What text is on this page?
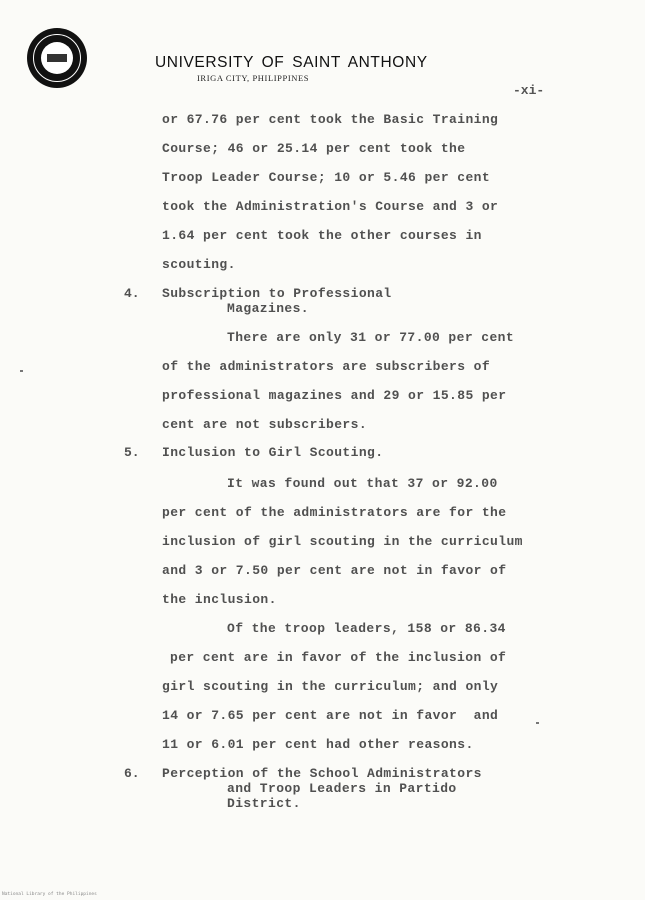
UNIVERSITY OF SAINT ANTHONY
IRIGA CITY, PHILIPPINES
-xi-
or 67.76 per cent took the Basic Training
Course; 46 or 25.14 per cent took the
Troop Leader Course; 10 or 5.46 per cent
took the Administration's Course and 3 or
1.64 per cent took the other courses in
scouting.
4. Subscription to Professional
Magazines.
There are only 31 or 77.00 per cent
of the administrators are subscribers of
professional magazines and 29 or 15.85 per
cent are not subscribers.
5. Inclusion to Girl Scouting.
It was found out that 37 or 92.00
per cent of the administrators are for the
inclusion of girl scouting in the curriculum
and 3 or 7.50 per cent are not in favor of
the inclusion.
Of the troop leaders, 158 or 86.34
per cent are in favor of the inclusion of
girl scouting in the curriculum; and only
14 or 7.65 per cent are not in favor  and
11 or 6.01 per cent had other reasons.
6. Perception of the School Administrators
and Troop Leaders in Partido
District.
National Library of the Philippines
